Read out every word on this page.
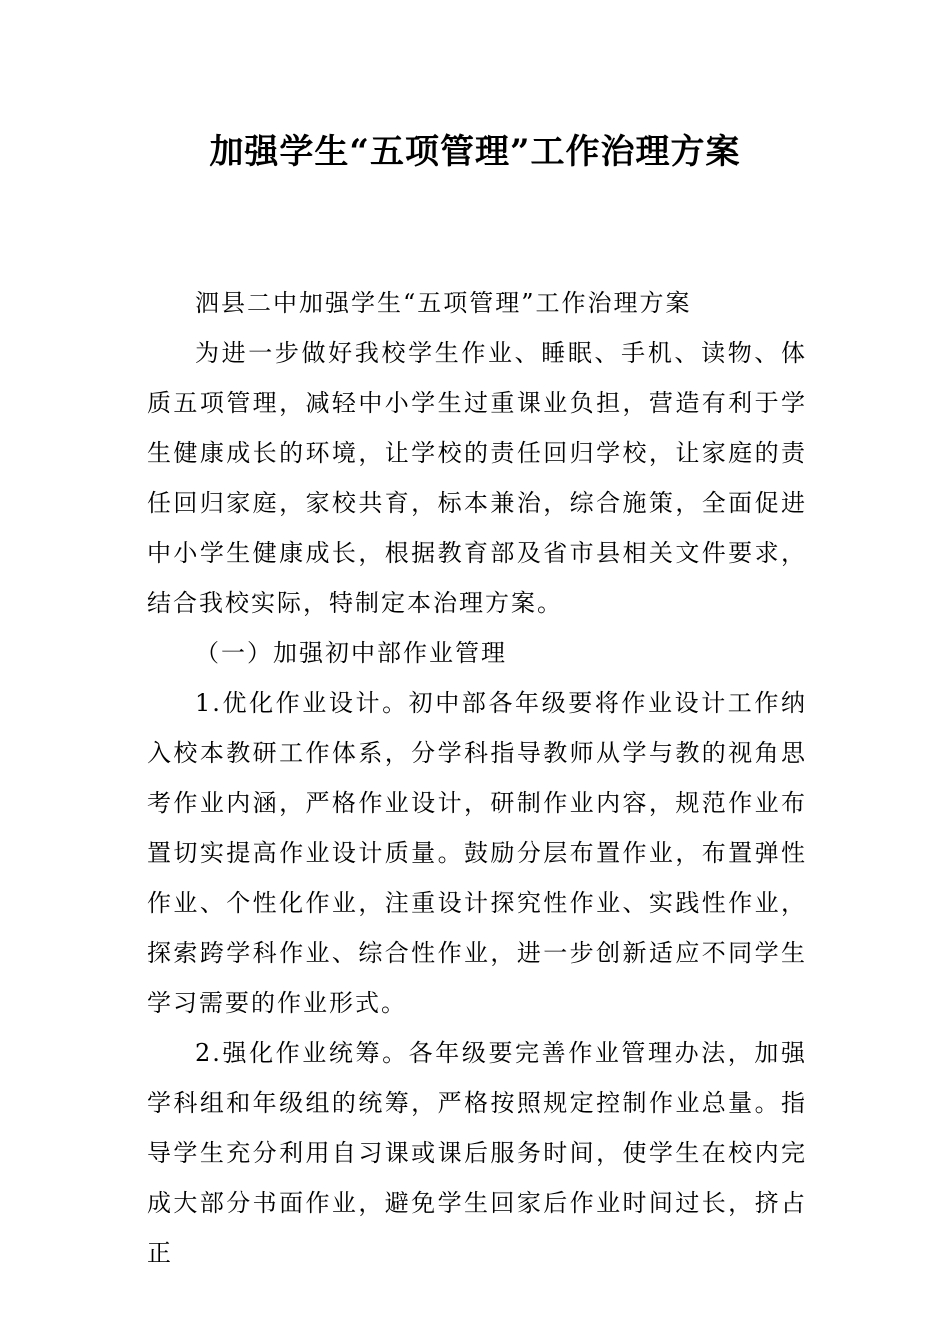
加强学生“五项管理”工作治理方案

泗县二中加强学生“五项管理”工作治理方案

为进一步做好我校学生作业、睡眠、手机、读物、体质五项管理，减轻中小学生过重课业负担，营造有利于学生健康成长的环境，让学校的责任回归学校，让家庭的责任回归家庭，家校共育，标本兼治，综合施策，全面促进中小学生健康成长，根据教育部及省市县相关文件要求，结合我校实际，特制定本治理方案。

（一）加强初中部作业管理

1.优化作业设计。初中部各年级要将作业设计工作纳入校本教研工作体系，分学科指导教师从学与教的视角思考作业内涵，严格作业设计，研制作业内容，规范作业布置切实提高作业设计质量。鼓励分层布置作业，布置弹性作业、个性化作业，注重设计探究性作业、实践性作业，探索跨学科作业、综合性作业，进一步创新适应不同学生学习需要的作业形式。

2.强化作业统筹。各年级要完善作业管理办法，加强学科组和年级组的统筹，严格按照规定控制作业总量。指导学生充分利用自习课或课后服务时间，使学生在校内完成大部分书面作业，避免学生回家后作业时间过长，挤占正
